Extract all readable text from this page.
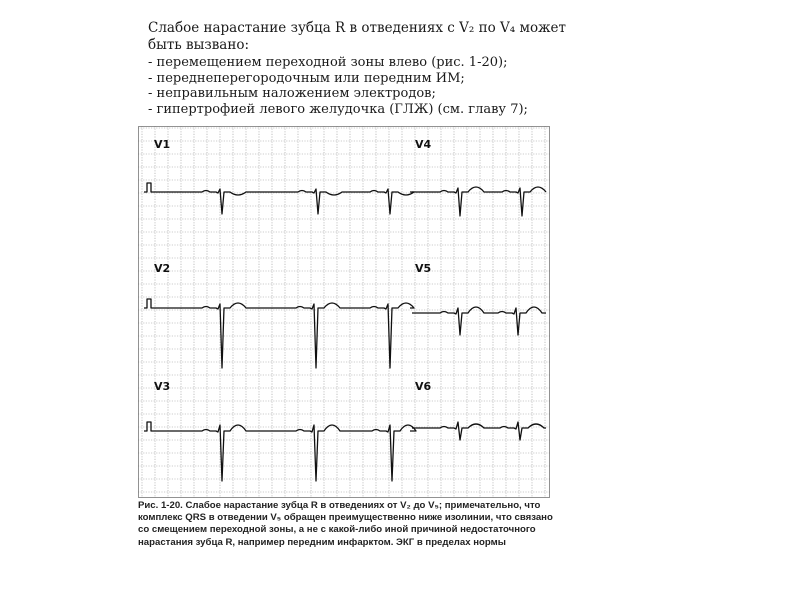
Слабое нарастание зубца R в отведениях с V₂ по V₄ может быть вызвано:

- перемещением переходной зоны влево (рис. 1-20);
- переднеперегородочным или передним ИМ;
- неправильным наложением электродов;
- гипертрофией левого желудочка (ГЛЖ) (см. главу 7);
V1
V2
V3
V4
V5
V6

Рис. 1-20. Слабое нарастание зубца R в отведениях от V₂ до V₅; примечательно, что комплекс QRS в отведении V₅ обращен преимущественно ниже изолинии, что связано со смещением переходной зоны, а не с какой-либо иной причиной недостаточного нарастания зубца R, например передним инфарктом. ЭКГ в пределах нормы
